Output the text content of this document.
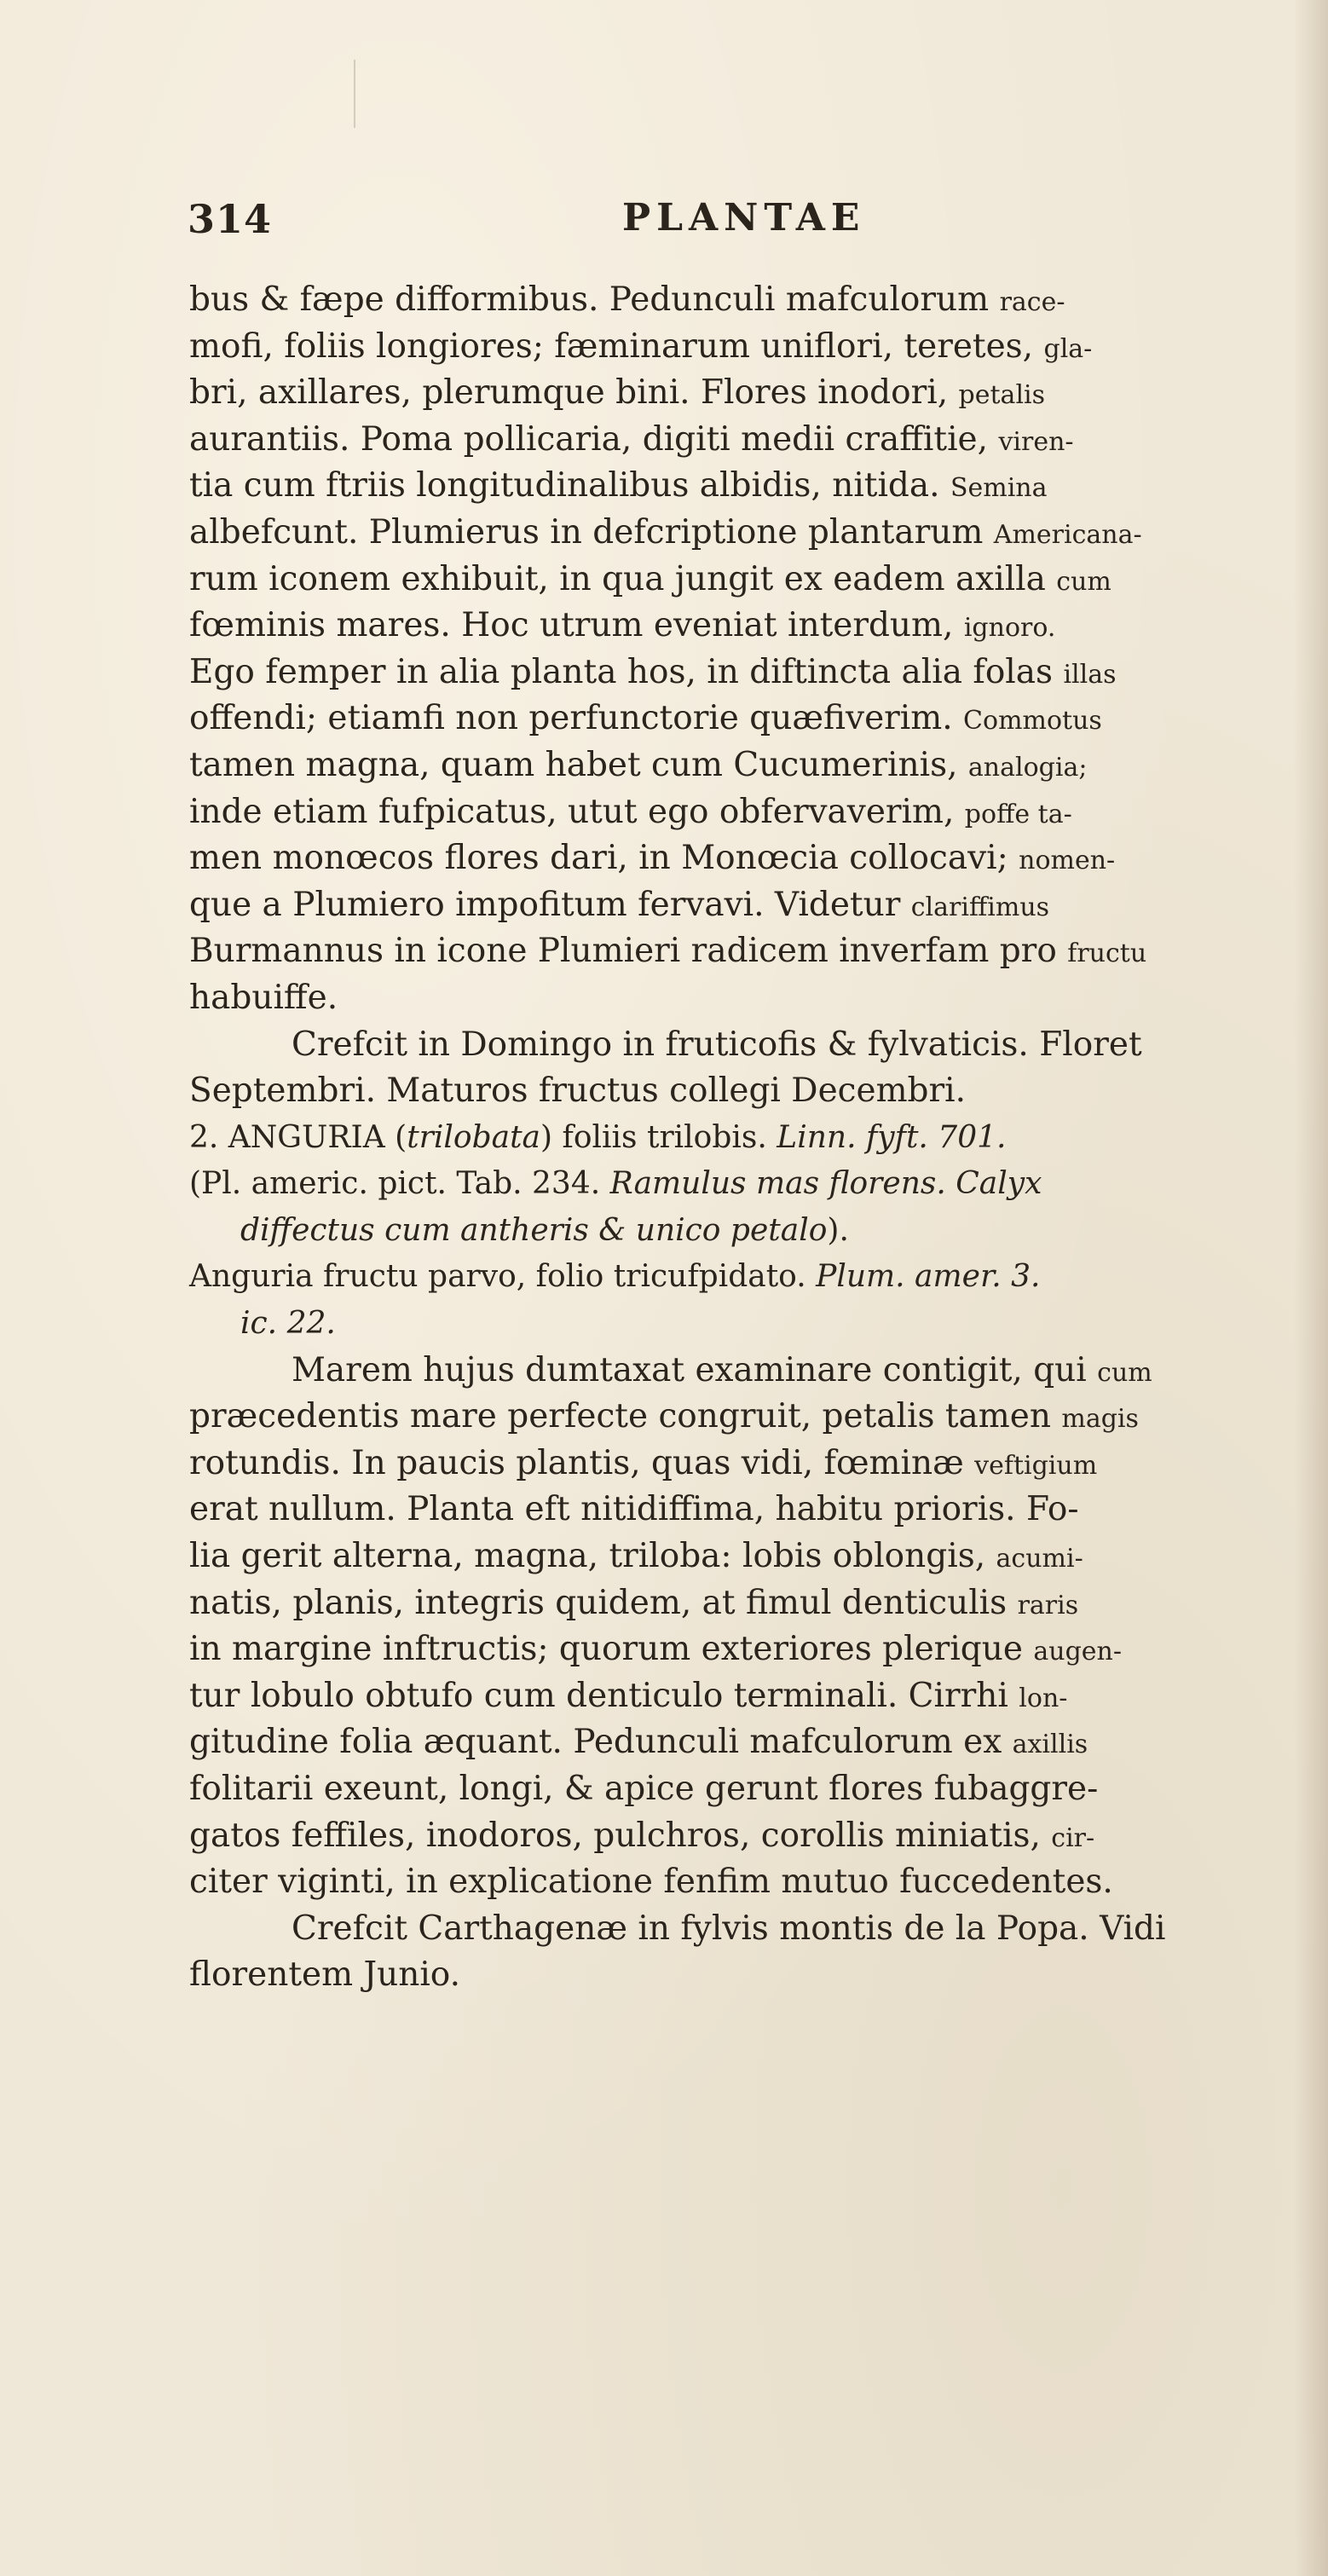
314	PLANTAE
bus & fæpe difformibus. Pedunculi mafculorum race-
mofi, foliis longiores; fæminarum uniflori, teretes, gla-
bri, axillares, plerumque bini. Flores inodori, petalis
aurantiis. Poma pollicaria, digiti medii craffitie, viren-
tia cum ftriis longitudinalibus albidis, nitida. Semina
albefcunt. Plumierus in defcriptione plantarum Americana-
rum iconem exhibuit, in qua jungit ex eadem axilla cum
fœminis mares. Hoc utrum eveniat interdum, ignoro.
Ego femper in alia planta hos, in diftincta alia folas illas
offendi; etiamfi non perfunctorie quæfiverim. Commotus
tamen magna, quam habet cum Cucumerinis, analogia;
inde etiam fufpicatus, utut ego obfervaverim, poffe ta-
men monœcos flores dari, in Monœcia collocavi; nomen-
que a Plumiero impofitum fervavi. Videtur clariffimus
Burmannus in icone Plumieri radicem inverfam pro fructu
habuiffe.
Crefcit in Domingo in fruticofis & fylvaticis. Floret
Septembri. Maturos fructus collegi Decembri.
2. ANGURIA (trilobata) foliis trilobis. Linn. fyft. 701.
(Pl. americ. pict. Tab. 234. Ramulus mas florens. Calyx
diffectus cum antheris & unico petalo).
Anguria fructu parvo, folio tricufpidato. Plum. amer. 3.
ic. 22.
Marem hujus dumtaxat examinare contigit, qui cum
præcedentis mare perfecte congruit, petalis tamen magis
rotundis. In paucis plantis, quas vidi, fœminæ veftigium
erat nullum. Planta eft nitidiffima, habitu prioris. Fo-
lia gerit alterna, magna, triloba: lobis oblongis, acumi-
natis, planis, integris quidem, at fimul denticulis raris
in margine inftructis; quorum exteriores plerique augen-
tur lobulo obtufo cum denticulo terminali. Cirrhi lon-
gitudine folia æquant. Pedunculi mafculorum ex axillis
folitarii exeunt, longi, & apice gerunt flores fubaggre-
gatos feffiles, inodoros, pulchros, corollis miniatis, cir-
citer viginti, in explicatione fenfim mutuo fuccedentes.
Crefcit Carthagenæ in fylvis montis de la Popa. Vidi
florentem Junio.
